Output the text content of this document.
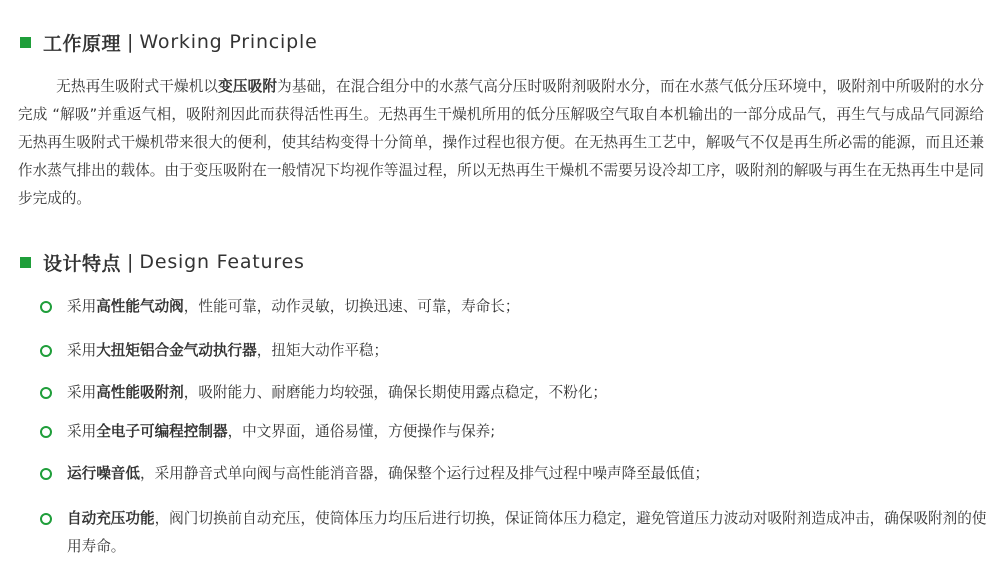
工作原理 | Working Principle

无热再生吸附式干燥机以变压吸附为基础，在混合组分中的水蒸气高分压时吸附剂吸附水分，而在水蒸气低分压环境中，吸附剂中所吸附的水分完成 “解吸”并重返气相，吸附剂因此而获得活性再生。无热再生干燥机所用的低分压解吸空气取自本机输出的一部分成品气，再生气与成品气同源给无热再生吸附式干燥机带来很大的便利，使其结构变得十分简单，操作过程也很方便。在无热再生工艺中，解吸气不仅是再生所必需的能源，而且还兼作水蒸气排出的载体。由于变压吸附在一般情况下均视作等温过程，所以无热再生干燥机不需要另设冷却工序，吸附剂的解吸与再生在无热再生中是同步完成的。

设计特点 | Design Features
采用高性能气动阀，性能可靠，动作灵敏，切换迅速、可靠，寿命长；
采用大扭矩铝合金气动执行器，扭矩大动作平稳；
采用高性能吸附剂，吸附能力、耐磨能力均较强，确保长期使用露点稳定，不粉化；
采用全电子可编程控制器，中文界面，通俗易懂，方便操作与保养;
运行噪音低，采用静音式单向阀与高性能消音器，确保整个运行过程及排气过程中噪声降至最低值；
自动充压功能，阀门切换前自动充压，使筒体压力均压后进行切换，保证筒体压力稳定，避免管道压力波动对吸附剂造成冲击，确保吸附剂的使用寿命。
